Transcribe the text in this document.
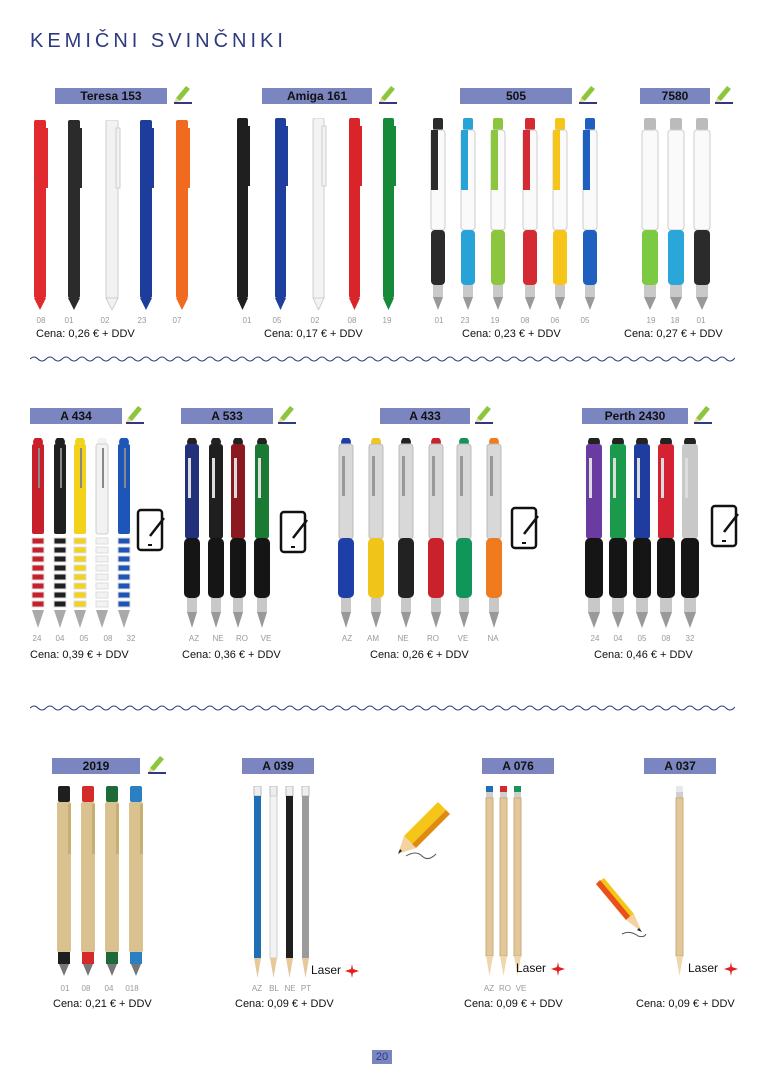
KEMIČNI SVINČNIKI
Teresa 153	Amiga 161	505	7580
08 01	02	23	07	01	05	02	08	19	01 23	19	08	06	05	19 18 01
Cena: 0,26 € + DDV	Cena: 0,17 € + DDV	Cena: 0,23 € + DDV	Cena: 0,27 € + DDV
A 434	A 533	A 433	Perth 2430
24 04 05 08 32	AZ NE RO VE	AZ AM NE RO VE NA	24 04 05 08 32
Cena: 0,39 € + DDV	Cena: 0,36 € + DDV	Cena: 0,26 € + DDV	Cena: 0,46 € + DDV
2019	A 039	A 076	A 037
Laser	Laser	Laser
01 08 04 018	AZ BL NE PT	AZ RO VE
Cena: 0,21 € + DDV	Cena: 0,09 € + DDV	Cena: 0,09 € + DDV	Cena: 0,09 € + DDV
20
